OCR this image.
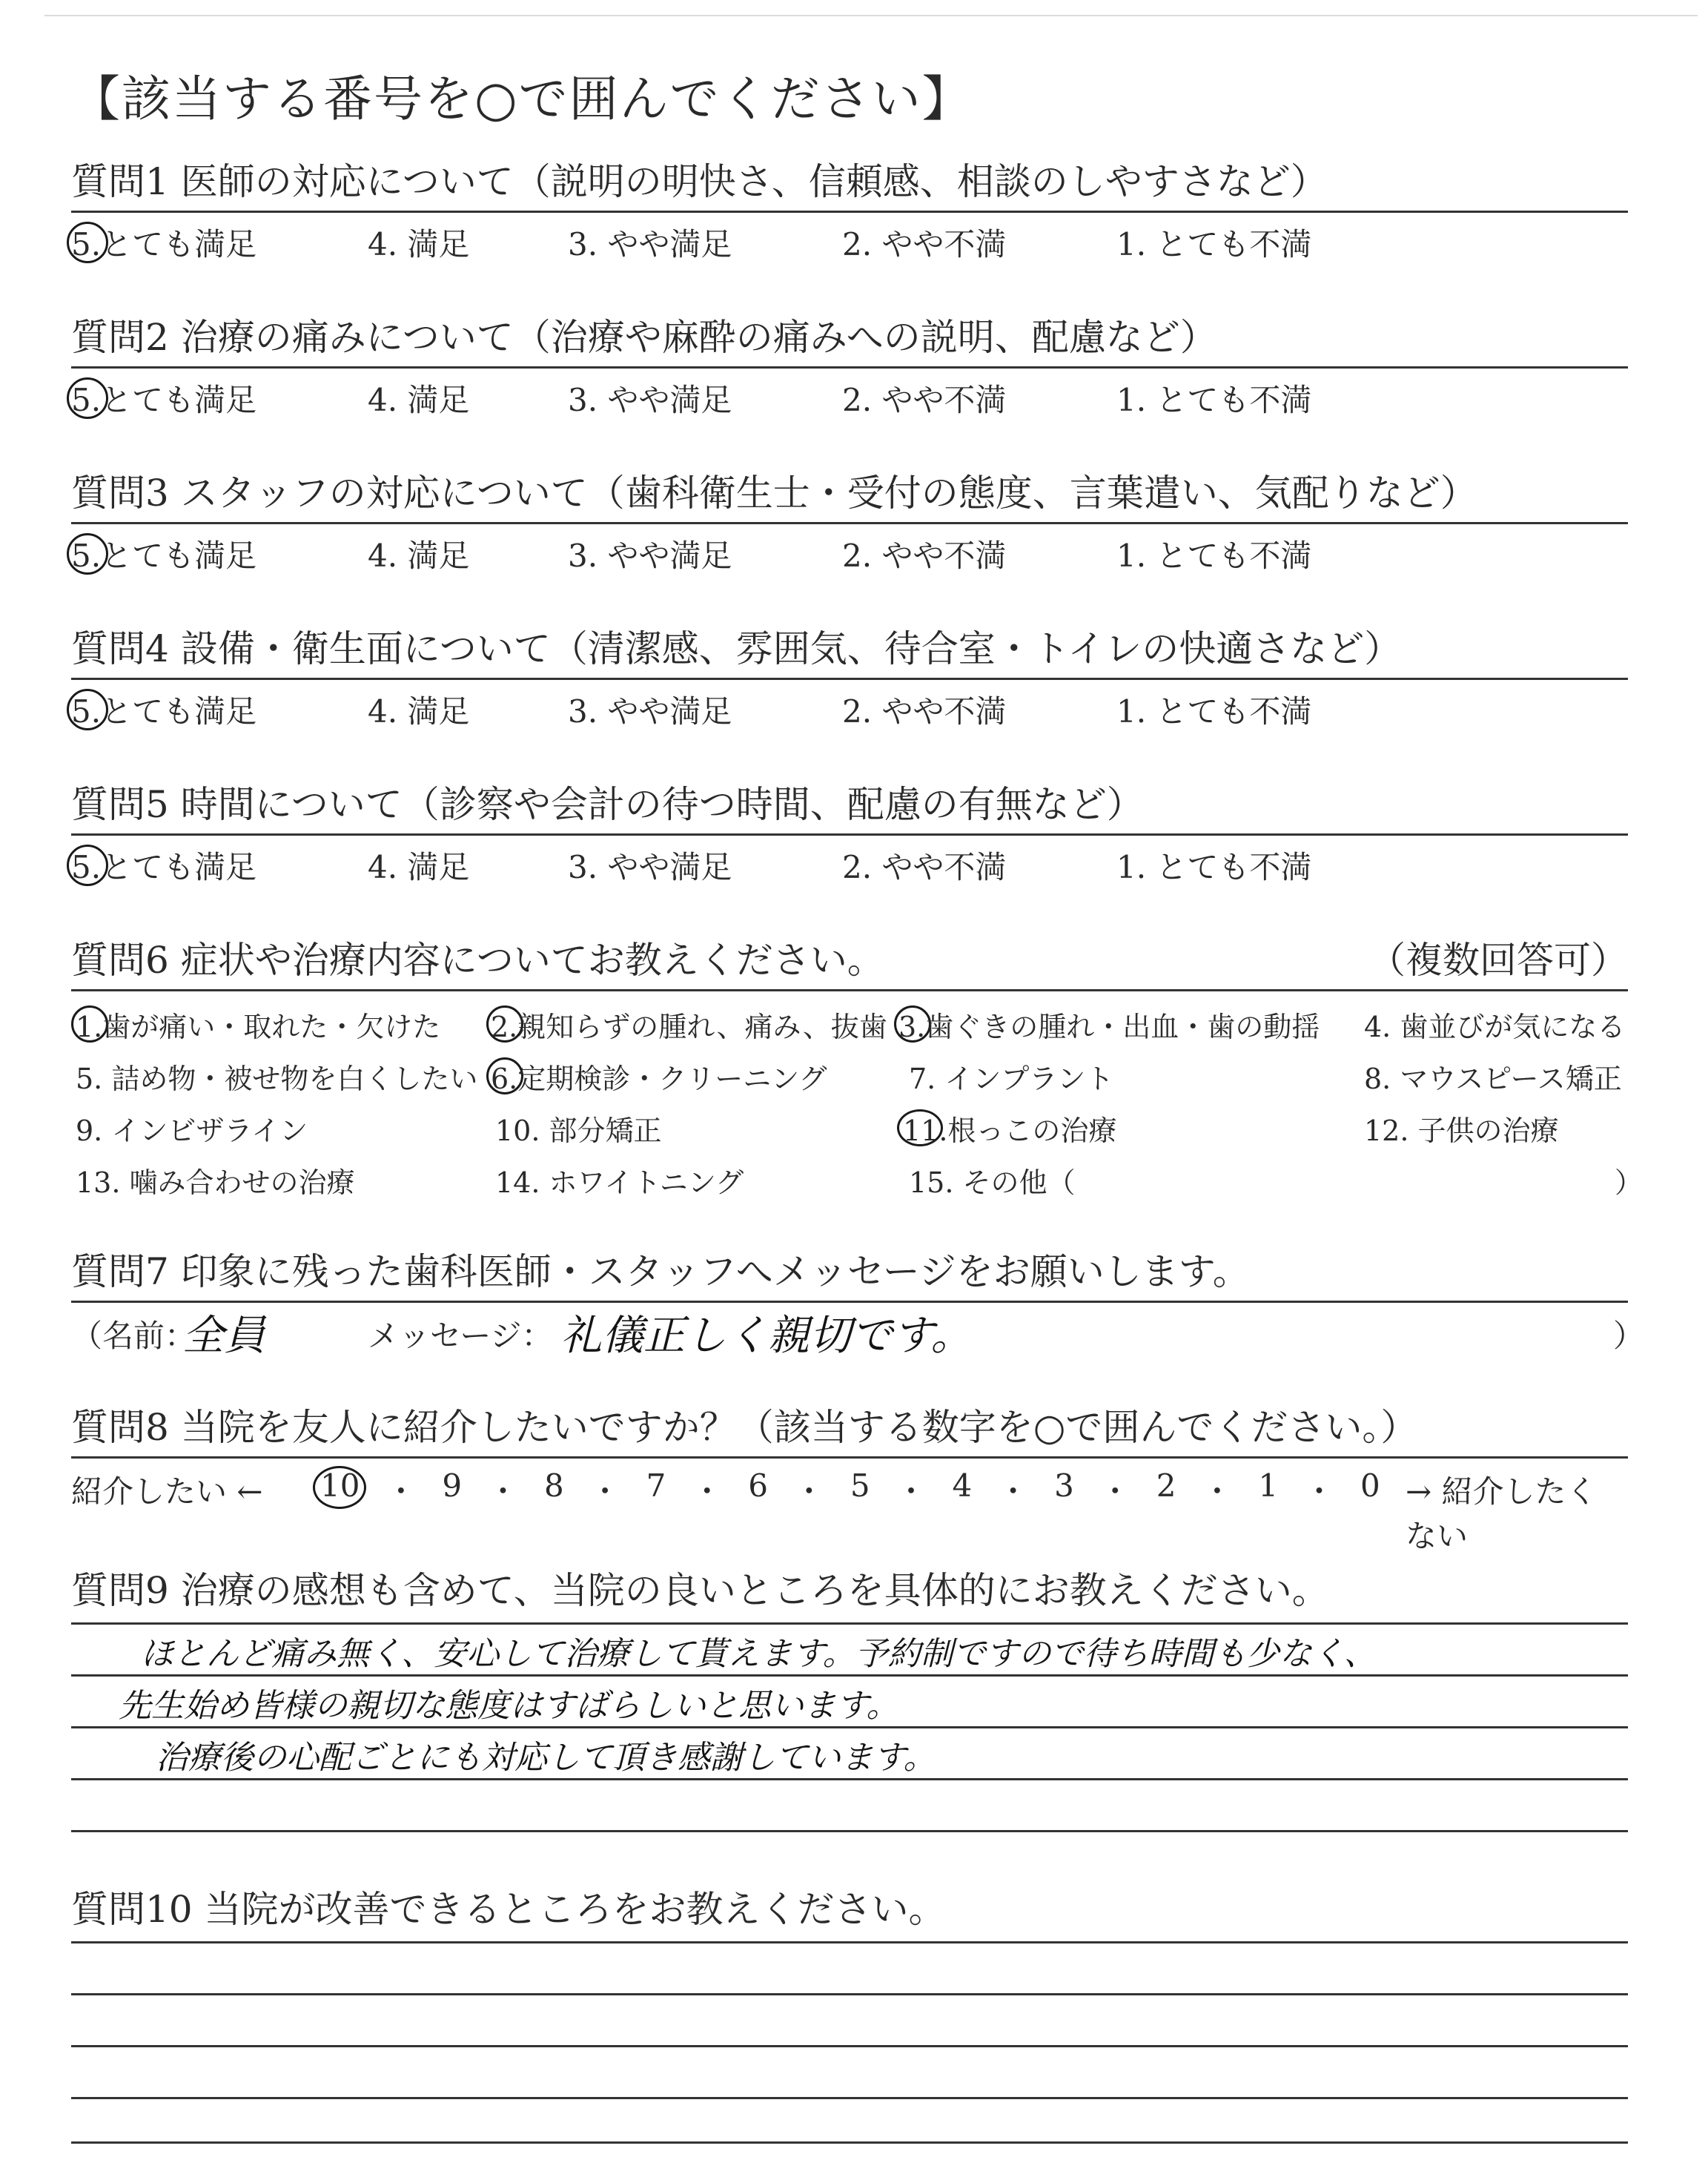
【該当する番号を○で囲んでください】
質問1 医師の対応について（説明の明快さ、信頼感、相談のしやすさなど）
5.とても満足	4. 満足	3. やや満足	2. やや不満	1. とても不満
質問2 治療の痛みについて（治療や麻酔の痛みへの説明、配慮など）
5.とても満足	4. 満足	3. やや満足	2. やや不満	1. とても不満
質問3 スタッフの対応について（歯科衛生士・受付の態度、言葉遣い、気配りなど）
5.とても満足	4. 満足	3. やや満足	2. やや不満	1. とても不満
質問4 設備・衛生面について（清潔感、雰囲気、待合室・トイレの快適さなど）
5.とても満足	4. 満足	3. やや満足	2. やや不満	1. とても不満
質問5 時間について（診察や会計の待つ時間、配慮の有無など）
5.とても満足	4. 満足	3. やや満足	2. やや不満	1. とても不満
質問6 症状や治療内容についてお教えください。	（複数回答可）
1.歯が痛い・取れた・欠けた 2.親知らずの腫れ、痛み、抜歯 3.歯ぐきの腫れ・出血・歯の動揺 4. 歯並びが気になる
5. 詰め物・被せ物を白くしたい 6.定期検診・クリーニング	7. インプラント	8. マウスピース矯正
9. インビザライン	10. 部分矯正	11.根っこの治療	12. 子供の治療
13. 噛み合わせの治療	14. ホワイトニング	15. その他（	）
質問7 印象に残った歯科医師・スタッフへメッセージをお願いします。
（名前：
全員	メッセージ： 礼儀正しく親切です。	）
質問8 当院を友人に紹介したいですか？（該当する数字を○で囲んでください。）
紹介したい ← 10 ・ 9 ・ 8 ・ 7 ・ 6 ・ 5 ・ 4 ・ 3 ・ 2 ・ 1 ・ 0 → 紹介したくない
質問9 治療の感想も含めて、当院の良いところを具体的にお教えください。
ほとんど痛み無く、安心して治療して貰えます。予約制ですので待ち時間も少なく、
先生始め皆様の親切な態度はすばらしいと思います。
治療後の心配ごとにも対応して頂き感謝しています。
質問10 当院が改善できるところをお教えください。
